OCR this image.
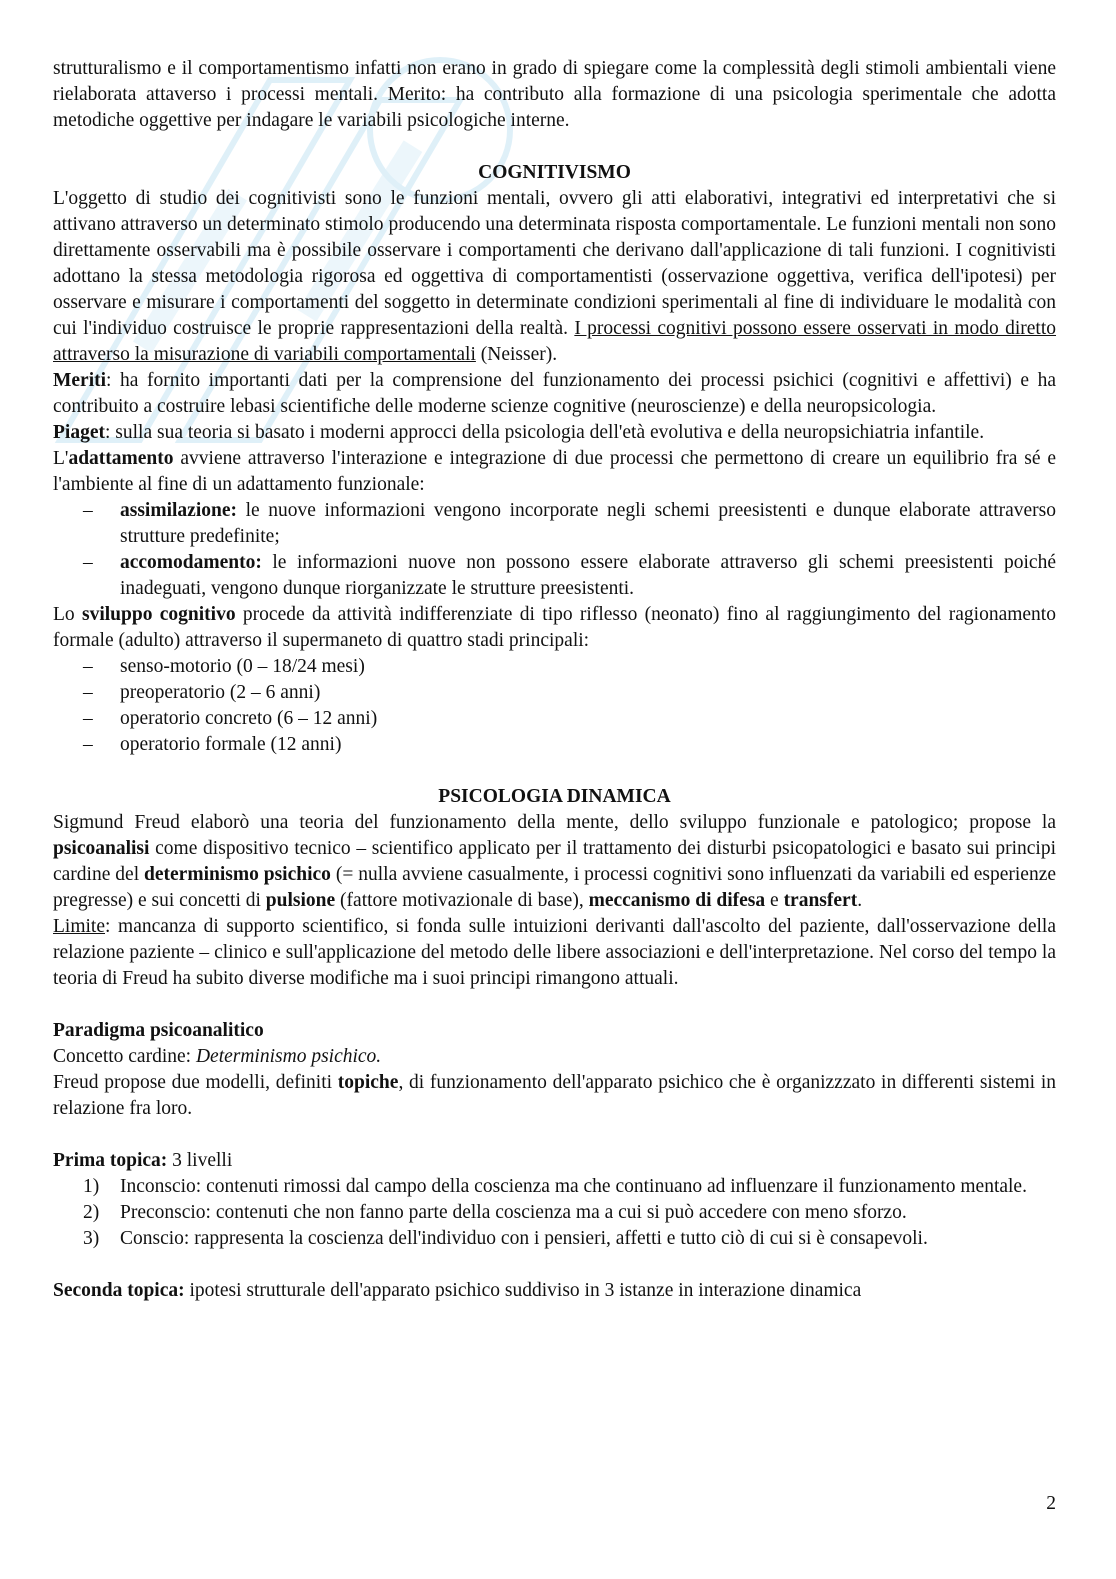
strutturalismo e il comportamentismo infatti non erano in grado di spiegare come la complessità degli stimoli ambientali viene rielaborata attaverso i processi mentali. Merito: ha contributo alla formazione di una psicologia sperimentale che adotta metodiche oggettive per indagare le variabili psicologiche interne.

COGNITIVISMO

L'oggetto di studio dei cognitivisti sono le funzioni mentali, ovvero gli atti elaborativi, integrativi ed interpretativi che si attivano attraverso un determinato stimolo producendo una determinata risposta comportamentale. Le funzioni mentali non sono direttamente osservabili ma è possibile osservare i comportamenti che derivano dall'applicazione di tali funzioni. I cognitivisti adottano la stessa metodologia rigorosa ed oggettiva di comportamentisti (osservazione oggettiva, verifica dell'ipotesi) per osservare e misurare i comportamenti del soggetto in determinate condizioni sperimentali al fine di individuare le modalità con cui l'individuo costruisce le proprie rappresentazioni della realtà. I processi cognitivi possono essere osservati in modo diretto attraverso la misurazione di variabili comportamentali (Neisser).

Meriti: ha fornito importanti dati per la comprensione del funzionamento dei processi psichici (cognitivi e affettivi) e ha contribuito a costruire lebasi scientifiche delle moderne scienze cognitive (neuroscienze) e della neuropsicologia.

Piaget: sulla sua teoria si basato i moderni approcci della psicologia dell'età evolutiva e della neuropsichiatria infantile.

L'adattamento avviene attraverso l'interazione e integrazione di due processi che permettono di creare un equilibrio fra sé e l'ambiente al fine di un adattamento funzionale:

– assimilazione: le nuove informazioni vengono incorporate negli schemi preesistenti e dunque elaborate attraverso strutture predefinite;
– accomodamento: le informazioni nuove non possono essere elaborate attraverso gli schemi preesistenti poiché inadeguati, vengono dunque riorganizzate le strutture preesistenti.

Lo sviluppo cognitivo procede da attività indifferenziate di tipo riflesso (neonato) fino al raggiungimento del ragionamento formale (adulto) attraverso il supermaneto di quattro stadi principali:

– senso-motorio (0 – 18/24 mesi)
– preoperatorio (2 – 6 anni)
– operatorio concreto (6 – 12 anni)
– operatorio formale (12 anni)
PSICOLOGIA DINAMICA

Sigmund Freud elaborò una teoria del funzionamento della mente, dello sviluppo funzionale e patologico; propose la psicoanalisi come dispositivo tecnico – scientifico applicato per il trattamento dei disturbi psicopatologici e basato sui principi cardine del determinismo psichico (= nulla avviene casualmente, i processi cognitivi sono influenzati da variabili ed esperienze pregresse) e sui concetti di pulsione (fattore motivazionale di base), meccanismo di difesa e transfert.

Limite: mancanza di supporto scientifico, si fonda sulle intuizioni derivanti dall'ascolto del paziente, dall'osservazione della relazione paziente – clinico e sull'applicazione del metodo delle libere associazioni e dell'interpretazione. Nel corso del tempo la teoria di Freud ha subito diverse modifiche ma i suoi principi rimangono attuali.

Paradigma psicoanalitico

Concetto cardine: Determinismo psichico.

Freud propose due modelli, definiti topiche, di funzionamento dell'apparato psichico che è organizzzato in differenti sistemi in relazione fra loro.

Prima topica: 3 livelli

1) Inconscio: contenuti rimossi dal campo della coscienza ma che continuano ad influenzare il funzionamento mentale.
2) Preconscio: contenuti che non fanno parte della coscienza ma a cui si può accedere con meno sforzo.
3) Conscio: rappresenta la coscienza dell'individuo con i pensieri, affetti e tutto ciò di cui si è consapevoli.

Seconda topica: ipotesi strutturale dell'apparato psichico suddiviso in 3 istanze in interazione dinamica

2
